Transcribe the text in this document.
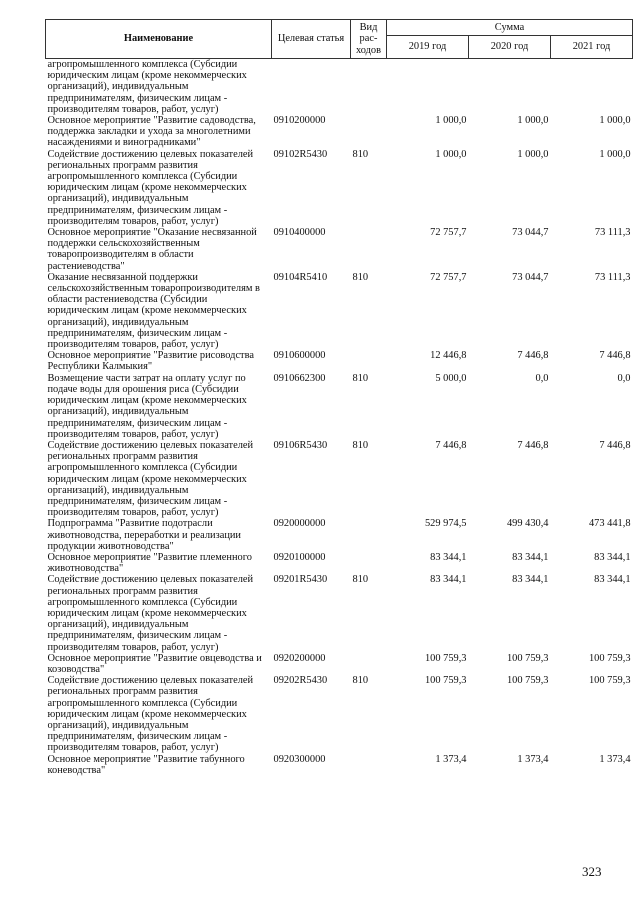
Наименование	Целевая статья	Вид рас-ходов	Сумма		
			2019 год	2020 год	2021 год
агропромышленного комплекса (Субсидии юридическим лицам (кроме некоммерческих организаций), индивидуальным предпринимателям, физическим лицам - производителям товаров, работ, услуг)					
Основное мероприятие "Развитие садоводства, поддержка закладки и ухода за многолетними насаждениями и виноградниками"	0910200000		1 000,0	1 000,0	1 000,0
Содействие достижению целевых показателей региональных программ развития агропромышленного комплекса (Субсидии юридическим лицам (кроме некоммерческих организаций), индивидуальным предпринимателям, физическим лицам - производителям товаров, работ, услуг)	09102R5430	810	1 000,0	1 000,0	1 000,0
Основное мероприятие "Оказание несвязанной поддержки сельскохозяйственным товаропроизводителям в области растениеводства"	0910400000		72 757,7	73 044,7	73 111,3
Оказание несвязанной поддержки сельскохозяйственным товаропроизводителям в области растениеводства (Субсидии юридическим лицам (кроме некоммерческих организаций), индивидуальным предпринимателям, физическим лицам - производителям товаров, работ, услуг)	09104R5410	810	72 757,7	73 044,7	73 111,3
Основное мероприятие "Развитие рисоводства Республики Калмыкия"	0910600000		12 446,8	7 446,8	7 446,8
Возмещение части затрат на оплату услуг по подаче воды для орошения риса (Субсидии юридическим лицам (кроме некоммерческих организаций), индивидуальным предпринимателям, физическим лицам - производителям товаров, работ, услуг)	0910662300	810	5 000,0	0,0	0,0
Содействие достижению целевых показателей региональных программ развития агропромышленного комплекса (Субсидии юридическим лицам (кроме некоммерческих организаций), индивидуальным предпринимателям, физическим лицам - производителям товаров, работ, услуг)	09106R5430	810	7 446,8	7 446,8	7 446,8
Подпрограмма "Развитие подотрасли животноводства, переработки и реализации продукции животноводства"	0920000000		529 974,5	499 430,4	473 441,8
Основное мероприятие "Развитие племенного животноводства"	0920100000		83 344,1	83 344,1	83 344,1
Содействие достижению целевых показателей региональных программ развития агропромышленного комплекса (Субсидии юридическим лицам (кроме некоммерческих организаций), индивидуальным предпринимателям, физическим лицам - производителям товаров, работ, услуг)	09201R5430	810	83 344,1	83 344,1	83 344,1
Основное мероприятие "Развитие овцеводства и козоводства"	0920200000		100 759,3	100 759,3	100 759,3
Содействие достижению целевых показателей региональных программ развития агропромышленного комплекса (Субсидии юридическим лицам (кроме некоммерческих организаций), индивидуальным предпринимателям, физическим лицам - производителям товаров, работ, услуг)	09202R5430	810	100 759,3	100 759,3	100 759,3
Основное мероприятие "Развитие табунного коневодства"	0920300000		1 373,4	1 373,4	1 373,4
323
